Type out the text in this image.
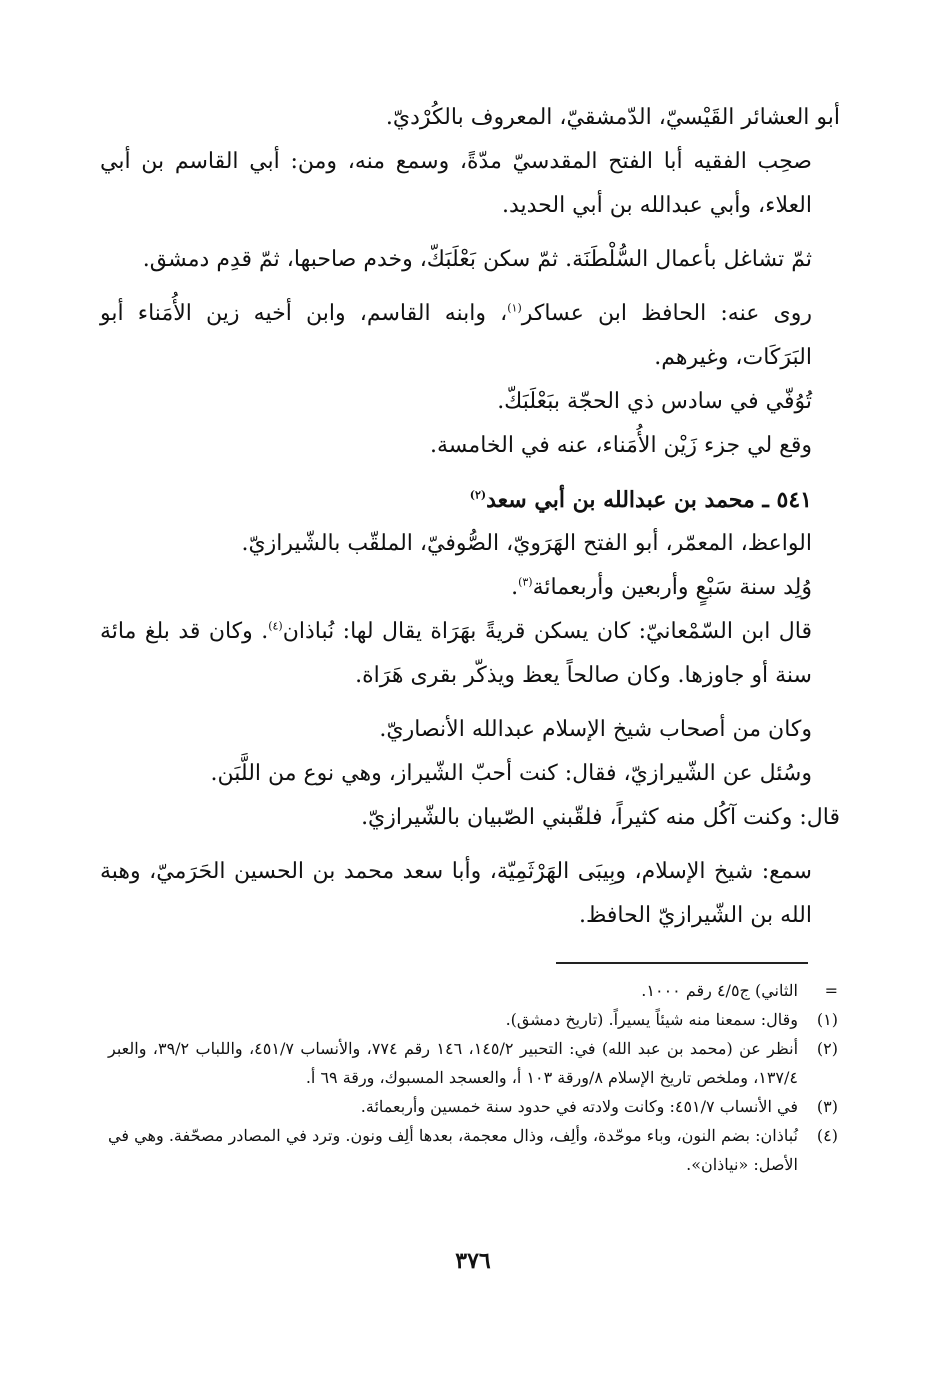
أبو العشائر القَيْسيّ، الدّمشقيّ، المعروف بالكُرْديّ.

صحِب الفقيه أبا الفتح المقدسيّ مدّةً، وسمع منه، ومن: أبي القاسم بن أبي العلاء، وأبي عبدالله بن أبي الحديد.

ثمّ تشاغل بأعمال السُّلْطَنَة. ثمّ سكن بَعْلَبَكّ، وخدم صاحبها، ثمّ قدِم دمشق.

روى عنه: الحافظ ابن عساكر$^{(١)}$، وابنه القاسم، وابن أخيه زين الأُمَناء أبو البَرَكَات، وغيرهم.

تُوُفّي في سادس ذي الحجّة ببَعْلَبَكّ.

وقع لي جزء زَيْن الأُمَناء، عنه في الخامسة.

٥٤١ ـ محمد بن عبدالله بن أبي سعد$^{(٢)}$

الواعظ، المعمّر، أبو الفتح الهَرَويّ، الصُّوفيّ، الملقّب بالشّيرازيّ.

وُلِد سنة سَبْعٍ وأربعين وأربعمائة$^{(٣)}$.

قال ابن السّمْعانيّ: كان يسكن قريةً بهَرَاة يقال لها: نُباذان$^{(٤)}$. وكان قد بلغ مائة سنة أو جاوزها. وكان صالحاً يعظ ويذكّر بقرى هَرَاة.

وكان من أصحاب شيخ الإسلام عبدالله الأنصاريّ.

وسُئل عن الشّيرازيّ، فقال: كنت أحبّ الشّيراز، وهي نوع من اللَّبَن.

قال: وكنت آكُل منه كثيراً، فلقّبني الصّبيان بالشّيرازيّ.

سمع: شيخ الإسلام، وبِيبَى الهَرْثَمِيّة، وأبا سعد محمد بن الحسين الحَرَميّ، وهبة الله بن الشّيرازيّ الحافظ.

=
الثاني) ج٤/٥ رقم ١٠٠٠.
(١)
وقال: سمعنا منه شيئاً يسيراً. (تاريخ دمشق).
(٢)
أنظر عن (محمد بن عبد الله) في: التحبير ١٤٥/٢، ١٤٦ رقم ٧٧٤، والأنساب ٤٥١/٧، واللباب ٣٩/٢، والعبر ١٣٧/٤، وملخص تاريخ الإسلام ٨/ورقة ١٠٣ أ، والعسجد المسبوك، ورقة ٦٩ أ.
(٣)
في الأنساب ٤٥١/٧: وكانت ولادته في حدود سنة خمسين وأربعمائة.
(٤)
نُباذان: بضم النون، وباء موحّدة، وألِف، وذال معجمة، بعدها ألِف ونون. وترد في المصادر مصحّفة. وهي في الأصل: «نياذان».
٣٧٦
